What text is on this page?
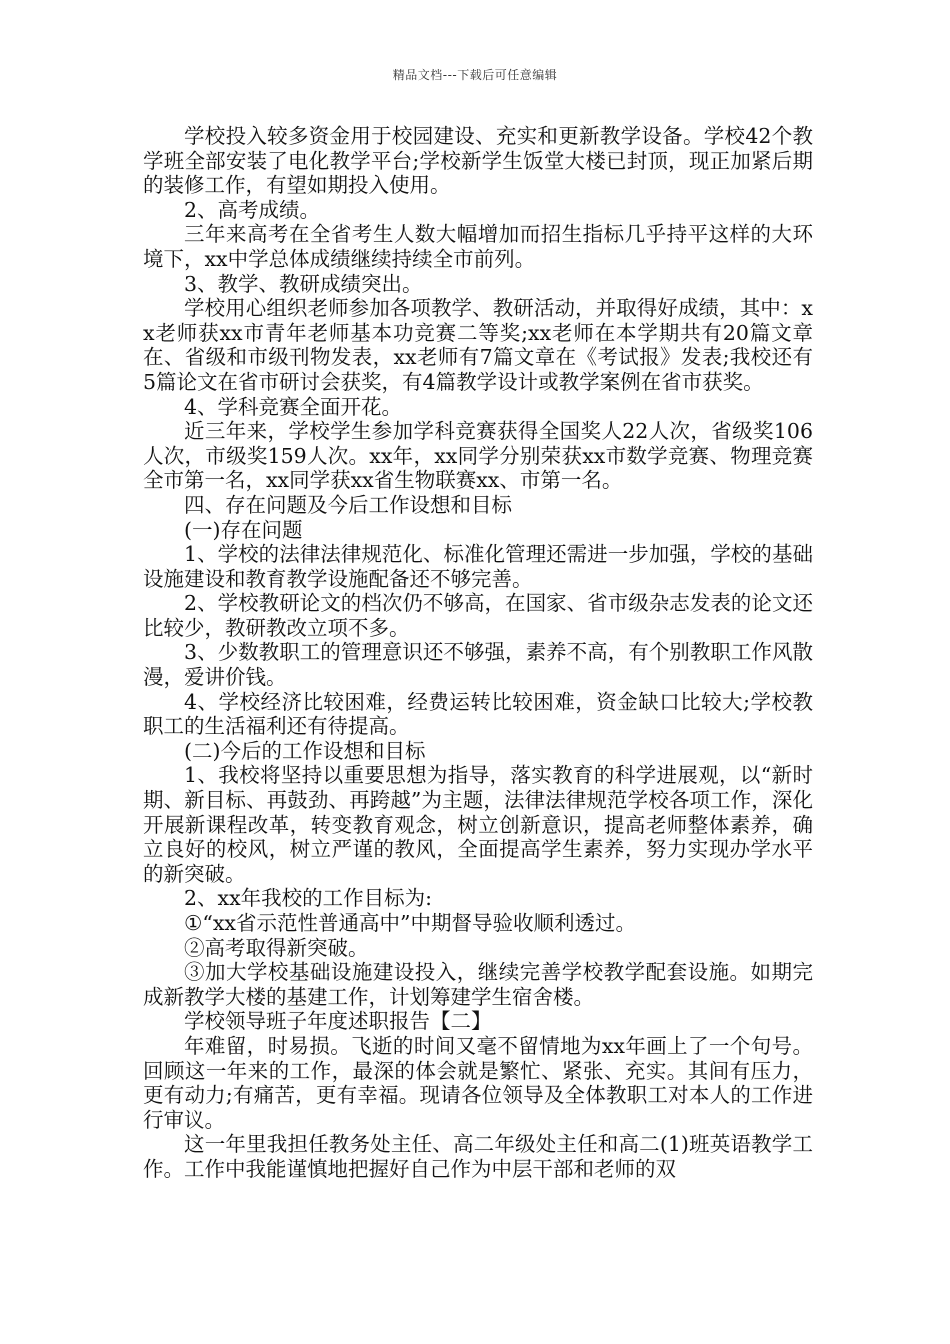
精品文档---下载后可任意编辑

学校投入较多资金用于校园建设、充实和更新教学设备。学校42个教学班全部安装了电化教学平台;学校新学生饭堂大楼已封顶，现正加紧后期的装修工作，有望如期投入使用。

2、高考成绩。

三年来高考在全省考生人数大幅增加而招生指标几乎持平这样的大环境下，xx中学总体成绩继续持续全市前列。

3、教学、教研成绩突出。

学校用心组织老师参加各项教学、教研活动，并取得好成绩，其中：xx老师获xx市青年老师基本功竞赛二等奖;xx老师在本学期共有20篇文章在、省级和市级刊物发表，xx老师有7篇文章在《考试报》发表;我校还有5篇论文在省市研讨会获奖，有4篇教学设计或教学案例在省市获奖。

4、学科竞赛全面开花。

近三年来，学校学生参加学科竞赛获得全国奖人22人次，省级奖106人次，市级奖159人次。xx年，xx同学分别荣获xx市数学竞赛、物理竞赛全市第一名，xx同学获xx省生物联赛xx、市第一名。

四、存在问题及今后工作设想和目标

(一)存在问题

1、学校的法律法律规范化、标准化管理还需进一步加强，学校的基础设施建设和教育教学设施配备还不够完善。

2、学校教研论文的档次仍不够高，在国家、省市级杂志发表的论文还比较少，教研教改立项不多。

3、少数教职工的管理意识还不够强，素养不高，有个别教职工作风散漫，爱讲价钱。

4、学校经济比较困难，经费运转比较困难，资金缺口比较大;学校教职工的生活福利还有待提高。

(二)今后的工作设想和目标

1、我校将坚持以重要思想为指导，落实教育的科学进展观，以“新时期、新目标、再鼓劲、再跨越”为主题，法律法律规范学校各项工作，深化开展新课程改革，转变教育观念，树立创新意识，提高老师整体素养，确立良好的校风，树立严谨的教风，全面提高学生素养，努力实现办学水平的新突破。

2、xx年我校的工作目标为:

①“xx省示范性普通高中”中期督导验收顺利透过。

②高考取得新突破。

③加大学校基础设施建设投入，继续完善学校教学配套设施。如期完成新教学大楼的基建工作，计划筹建学生宿舍楼。

学校领导班子年度述职报告【二】

年难留，时易损。飞逝的时间又毫不留情地为xx年画上了一个句号。回顾这一年来的工作，最深的体会就是繁忙、紧张、充实。其间有压力，更有动力;有痛苦，更有幸福。现请各位领导及全体教职工对本人的工作进行审议。

这一年里我担任教务处主任、高二年级处主任和高二(1)班英语教学工作。工作中我能谨慎地把握好自己作为中层干部和老师的双
